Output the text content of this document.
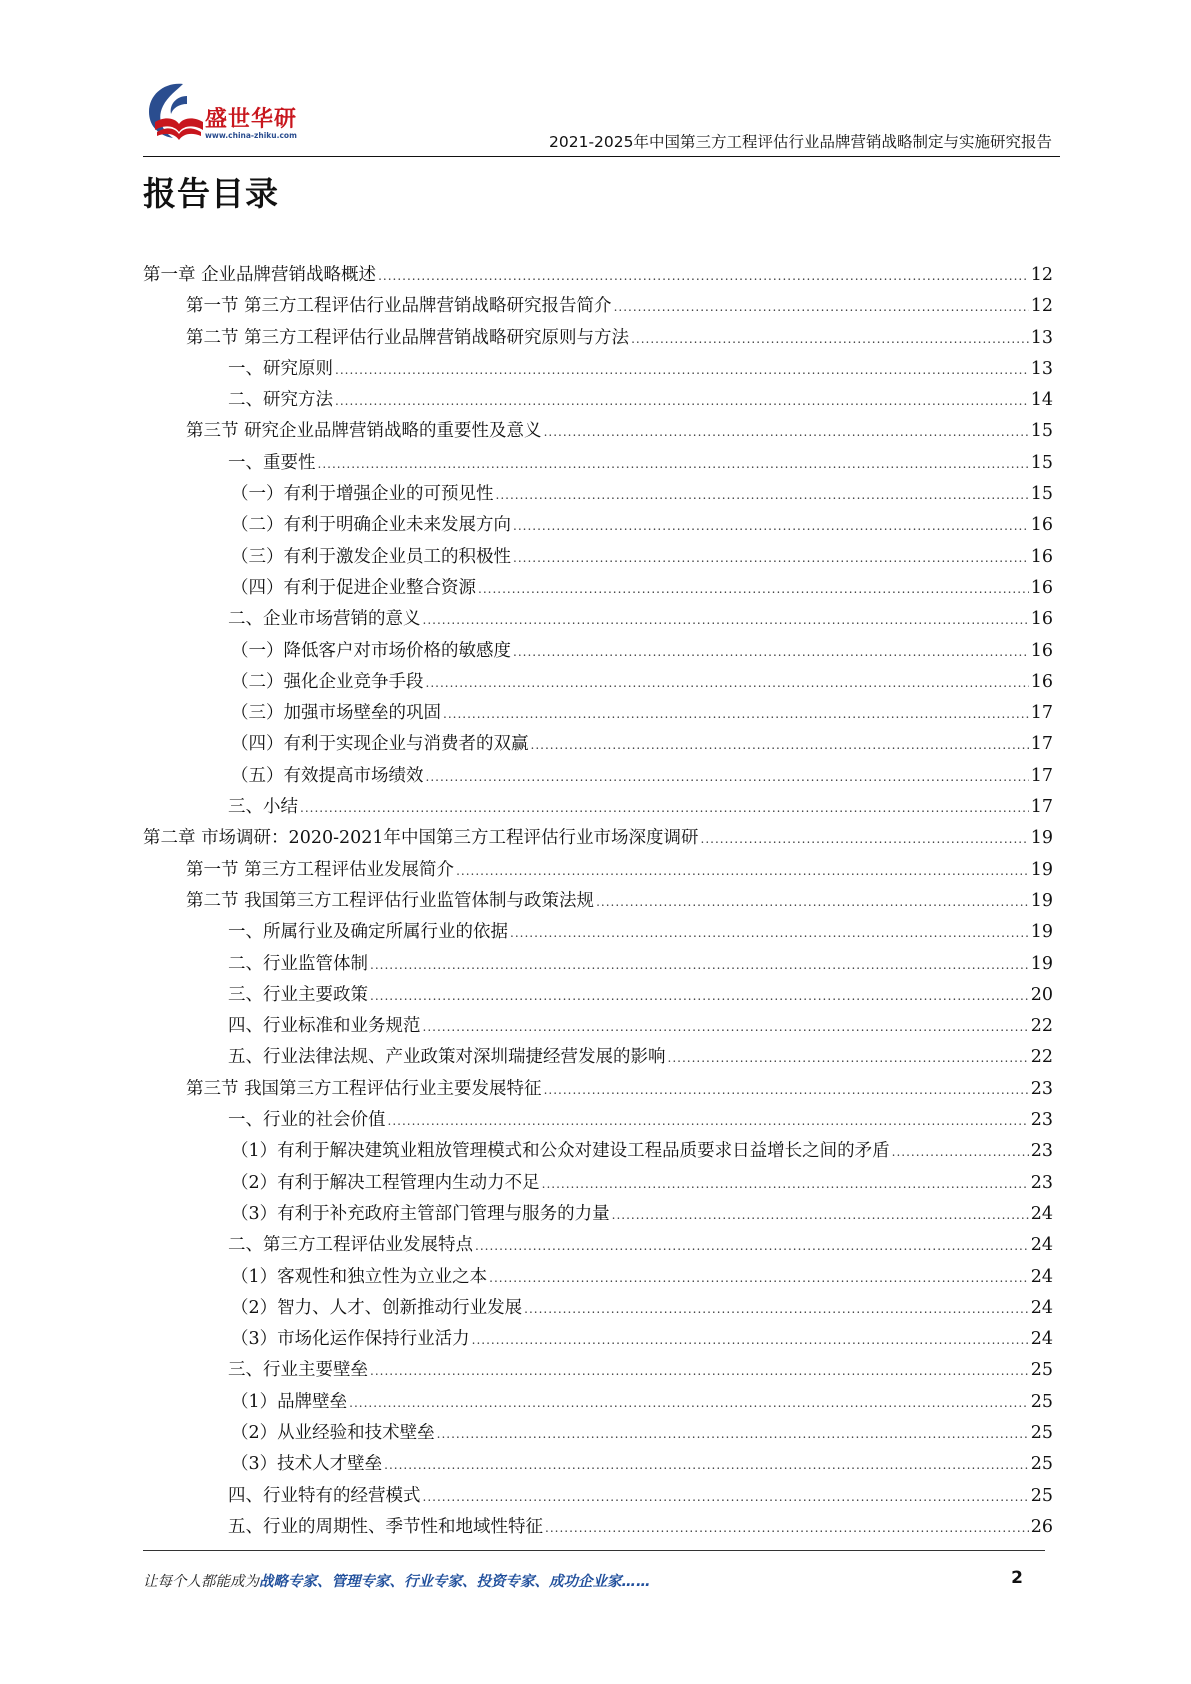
盛世华研
www.china-zhiku.com	2021-2025年中国第三方工程评估行业品牌营销战略制定与实施研究报告
报告目录
第一章 企业品牌营销战略概述 .....	12
第一节 第三方工程评估行业品牌营销战略研究报告简介 .....	12
第二节 第三方工程评估行业品牌营销战略研究原则与方法 .....	13
一、研究原则 .....	13
二、研究方法 .....	14
第三节 研究企业品牌营销战略的重要性及意义 .....	15
一、重要性 .....	15
（一）有利于增强企业的可预见性 .....	15
（二）有利于明确企业未来发展方向 .....	16
（三）有利于激发企业员工的积极性 .....	16
（四）有利于促进企业整合资源 .....	16
二、企业市场营销的意义 .....	16
（一）降低客户对市场价格的敏感度 .....	16
（二）强化企业竞争手段 .....	16
（三）加强市场壁垒的巩固 .....	17
（四）有利于实现企业与消费者的双赢 .....	17
（五）有效提高市场绩效 .....	17
三、小结 .....	17
第二章 市场调研：2020-2021年中国第三方工程评估行业市场深度调研 .....	19
第一节 第三方工程评估业发展简介 .....	19
第二节 我国第三方工程评估行业监管体制与政策法规 .....	19
一、所属行业及确定所属行业的依据 .....	19
二、行业监管体制 .....	19
三、行业主要政策 .....	20
四、行业标准和业务规范 .....	22
五、行业法律法规、产业政策对深圳瑞捷经营发展的影响 .....	22
第三节 我国第三方工程评估行业主要发展特征 .....	23
一、行业的社会价值 .....	23
（1）有利于解决建筑业粗放管理模式和公众对建设工程品质要求日益增长之间的矛盾 .....	23
（2）有利于解决工程管理内生动力不足 .....	23
（3）有利于补充政府主管部门管理与服务的力量 .....	24
二、第三方工程评估业发展特点 .....	24
（1）客观性和独立性为立业之本 .....	24
（2）智力、人才、创新推动行业发展 .....	24
（3）市场化运作保持行业活力 .....	24
三、行业主要壁垒 .....	25
（1）品牌壁垒 .....	25
（2）从业经验和技术壁垒 .....	25
（3）技术人才壁垒 .....	25
四、行业特有的经营模式 .....	25
五、行业的周期性、季节性和地域性特征 .....	26
让每个人都能成为战略专家、管理专家、行业专家、投资专家、成功企业家……	2
